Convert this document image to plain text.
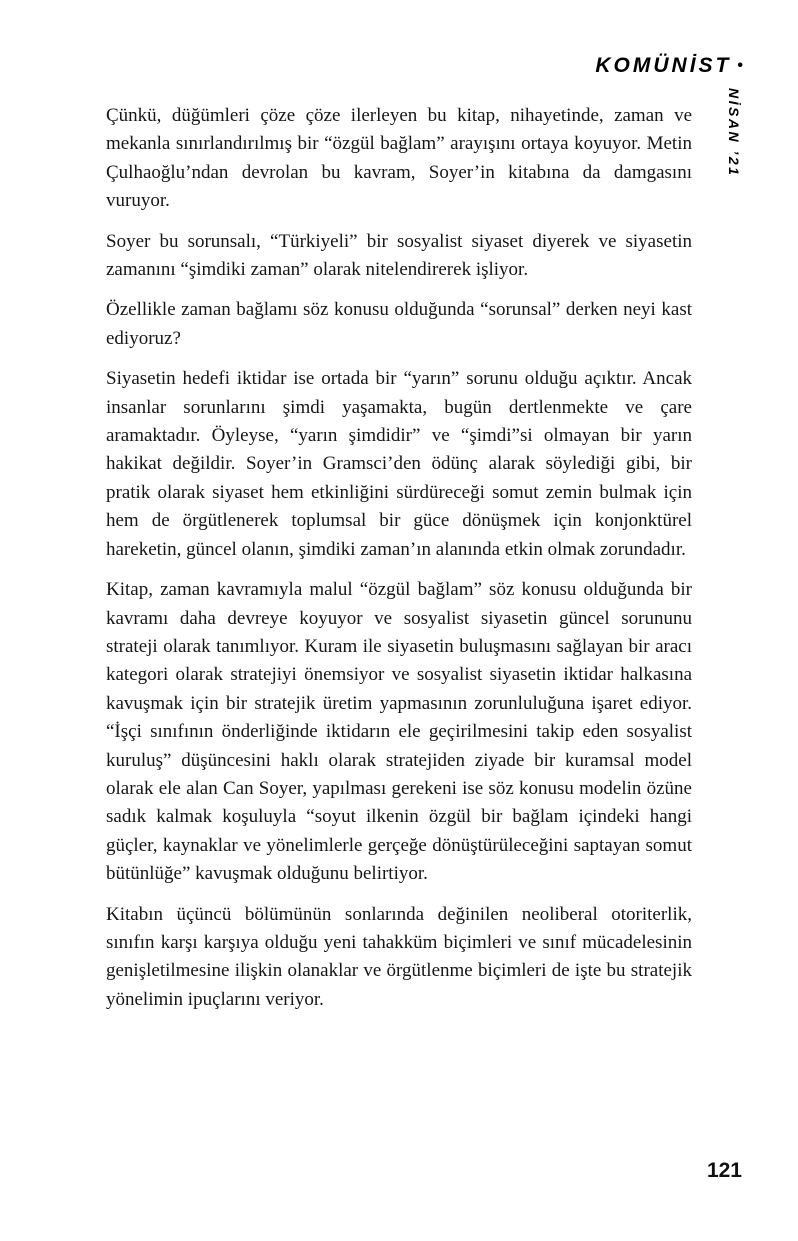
KOMÜNİST •
NİSAN ’21

Çünkü, düğümleri çöze çöze ilerleyen bu kitap, nihayetinde, zaman ve mekanla sınırlandırılmış bir “özgül bağlam” arayışını ortaya koyuyor. Metin Çulhaoğlu’ndan devrolan bu kavram, Soyer’in kitabına da damgasını vuruyor.

Soyer bu sorunsalı, “Türkiyeli” bir sosyalist siyaset diyerek ve siyasetin zamanını “şimdiki zaman” olarak nitelendirerek işliyor.

Özellikle zaman bağlamı söz konusu olduğunda “sorunsal” derken neyi kast ediyoruz?

Siyasetin hedefi iktidar ise ortada bir “yarın” sorunu olduğu açıktır. Ancak insanlar sorunlarını şimdi yaşamakta, bugün dertlenmekte ve çare aramaktadır. Öyleyse, “yarın şimdidir” ve “şimdi”si olmayan bir yarın hakikat değildir. Soyer’in Gramsci’den ödünç alarak söylediği gibi, bir pratik olarak siyaset hem etkinliğini sürdüreceği somut zemin bulmak için hem de örgütlenerek toplumsal bir güce dönüşmek için konjonktürel hareketin, güncel olanın, şimdiki zaman’ın alanında etkin olmak zorundadır.

Kitap, zaman kavramıyla malul “özgül bağlam” söz konusu olduğunda bir kavramı daha devreye koyuyor ve sosyalist siyasetin güncel sorununu strateji olarak tanımlıyor. Kuram ile siyasetin buluşmasını sağlayan bir aracı kategori olarak stratejiyi önemsiyor ve sosyalist siyasetin iktidar halkasına kavuşmak için bir stratejik üretim yapmasının zorunluluğuna işaret ediyor. “İşçi sınıfının önderliğinde iktidarın ele geçirilmesini takip eden sosyalist kuruluş” düşüncesini haklı olarak stratejiden ziyade bir kuramsal model olarak ele alan Can Soyer, yapılması gerekeni ise söz konusu modelin özüne sadık kalmak koşuluyla “soyut ilkenin özgül bir bağlam içindeki hangi güçler, kaynaklar ve yönelimlerle gerçeğe dönüştürüleceğini saptayan somut bütünlüğe” kavuşmak olduğunu belirtiyor.

Kitabın üçüncü bölümünün sonlarında değinilen neoliberal otoriterlik, sınıfın karşı karşıya olduğu yeni tahakküm biçimleri ve sınıf mücadelesinin genişletilmesine ilişkin olanaklar ve örgütlenme biçimleri de işte bu stratejik yönelimin ipuçlarını veriyor.

121
